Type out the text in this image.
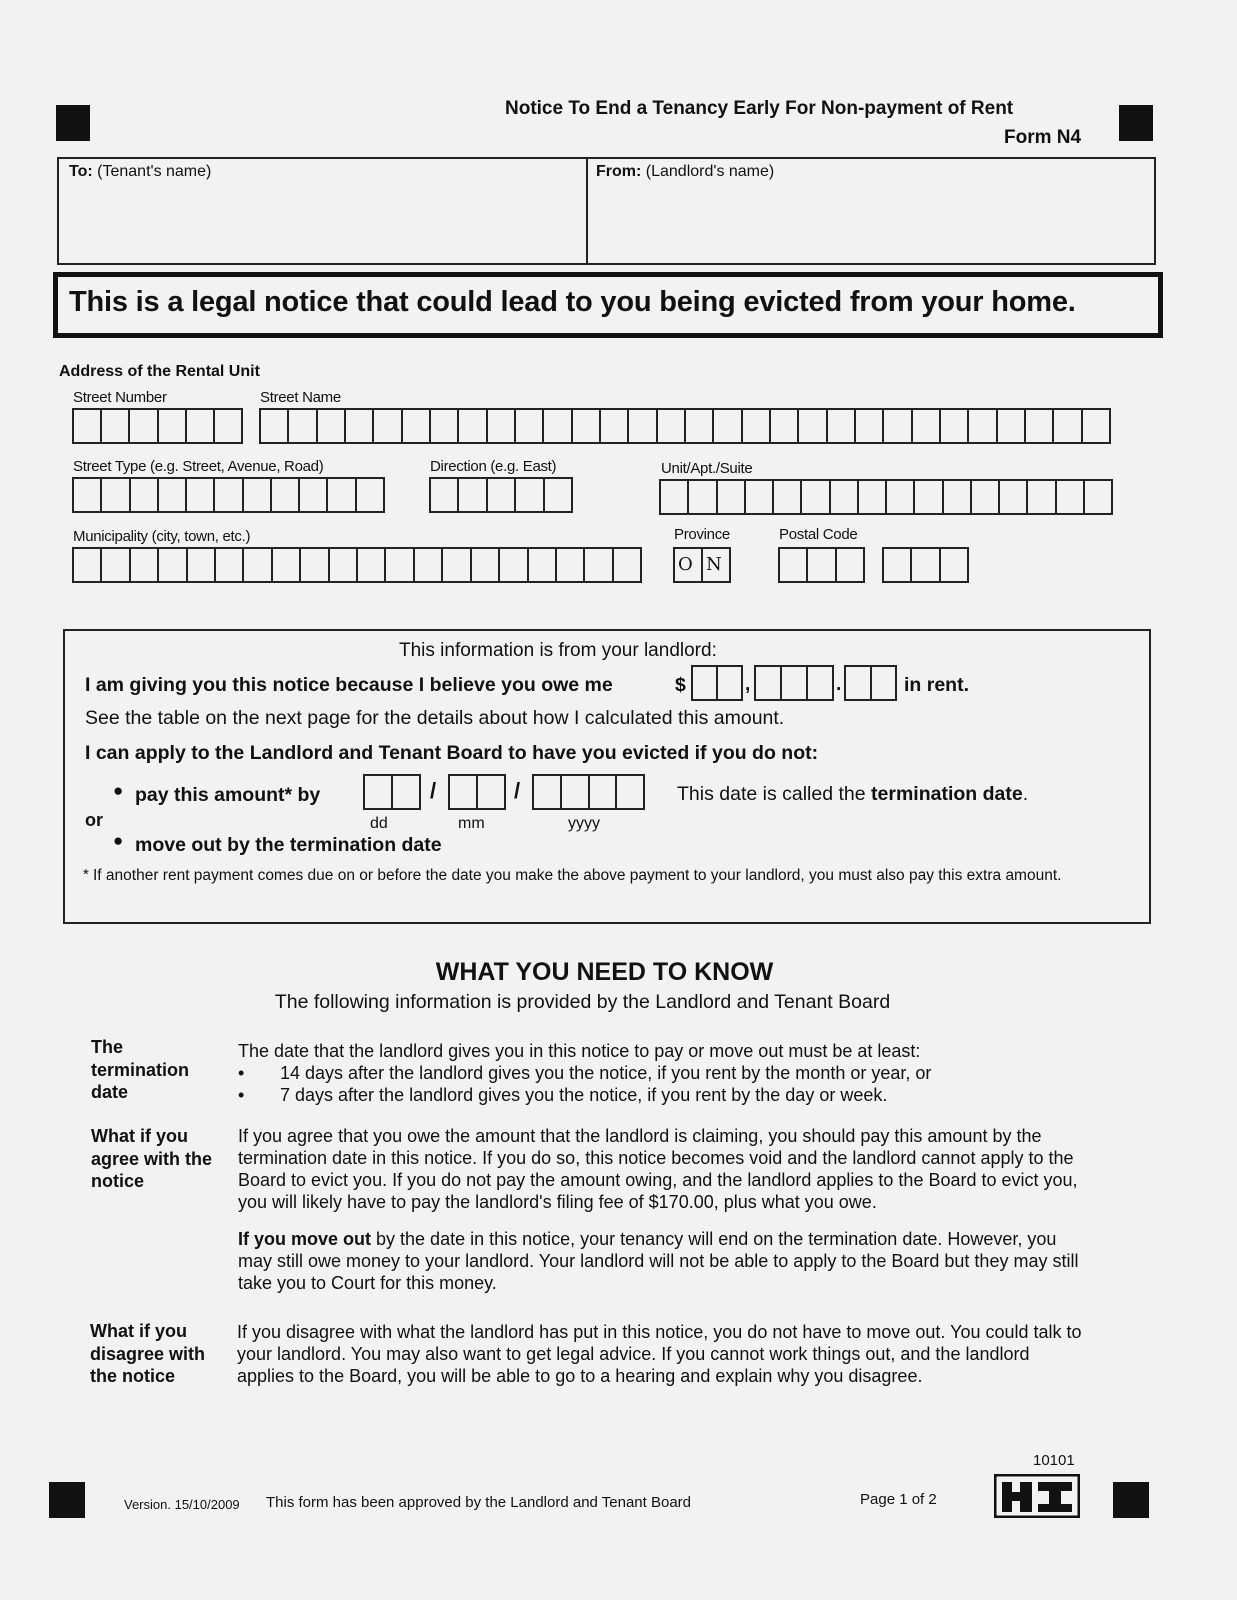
Notice To End a Tenancy Early For Non-payment of Rent
Form N4
To: (Tenant's name)	From: (Landlord's name)
This is a legal notice that could lead to you being evicted from your home.
Address of the Rental Unit
Street Number	Street Name
Street Type (e.g. Street, Avenue, Road)	Direction (e.g. East)	Unit/Apt./Suite
Municipality (city, town, etc.)	Province
O N
Postal Code
This information is from your landlord:
I am giving you this notice because I believe you owe me	$	,	.	in rent.
See the table on the next page for the details about how I calculated this amount.
I can apply to the Landlord and Tenant Board to have you evicted if you do not:
● pay this amount* by	/	/
dd	mm	yyyy
This date is called the termination date.
or
● move out by the termination date
* If another rent payment comes due on or before the date you make the above payment to your landlord, you must also pay this extra amount.
WHAT YOU NEED TO KNOW
The following information is provided by the Landlord and Tenant Board
The termination date
The date that the landlord gives you in this notice to pay or move out must be at least:
• 14 days after the landlord gives you the notice, if you rent by the month or year, or
• 7 days after the landlord gives you the notice, if you rent by the day or week.
What if you agree with the notice
If you agree that you owe the amount that the landlord is claiming, you should pay this amount by the termination date in this notice. If you do so, this notice becomes void and the landlord cannot apply to the Board to evict you. If you do not pay the amount owing, and the landlord applies to the Board to evict you, you will likely have to pay the landlord's filing fee of $170.00, plus what you owe.
If you move out by the date in this notice, your tenancy will end on the termination date. However, you may still owe money to your landlord. Your landlord will not be able to apply to the Board but they may still take you to Court for this money.
What if you disagree with the notice
If you disagree with what the landlord has put in this notice, you do not have to move out. You could talk to your landlord. You may also want to get legal advice. If you cannot work things out, and the landlord applies to the Board, you will be able to go to a hearing and explain why you disagree.
10101
Version. 15/10/2009 This form has been approved by the Landlord and Tenant Board	Page 1 of 2
